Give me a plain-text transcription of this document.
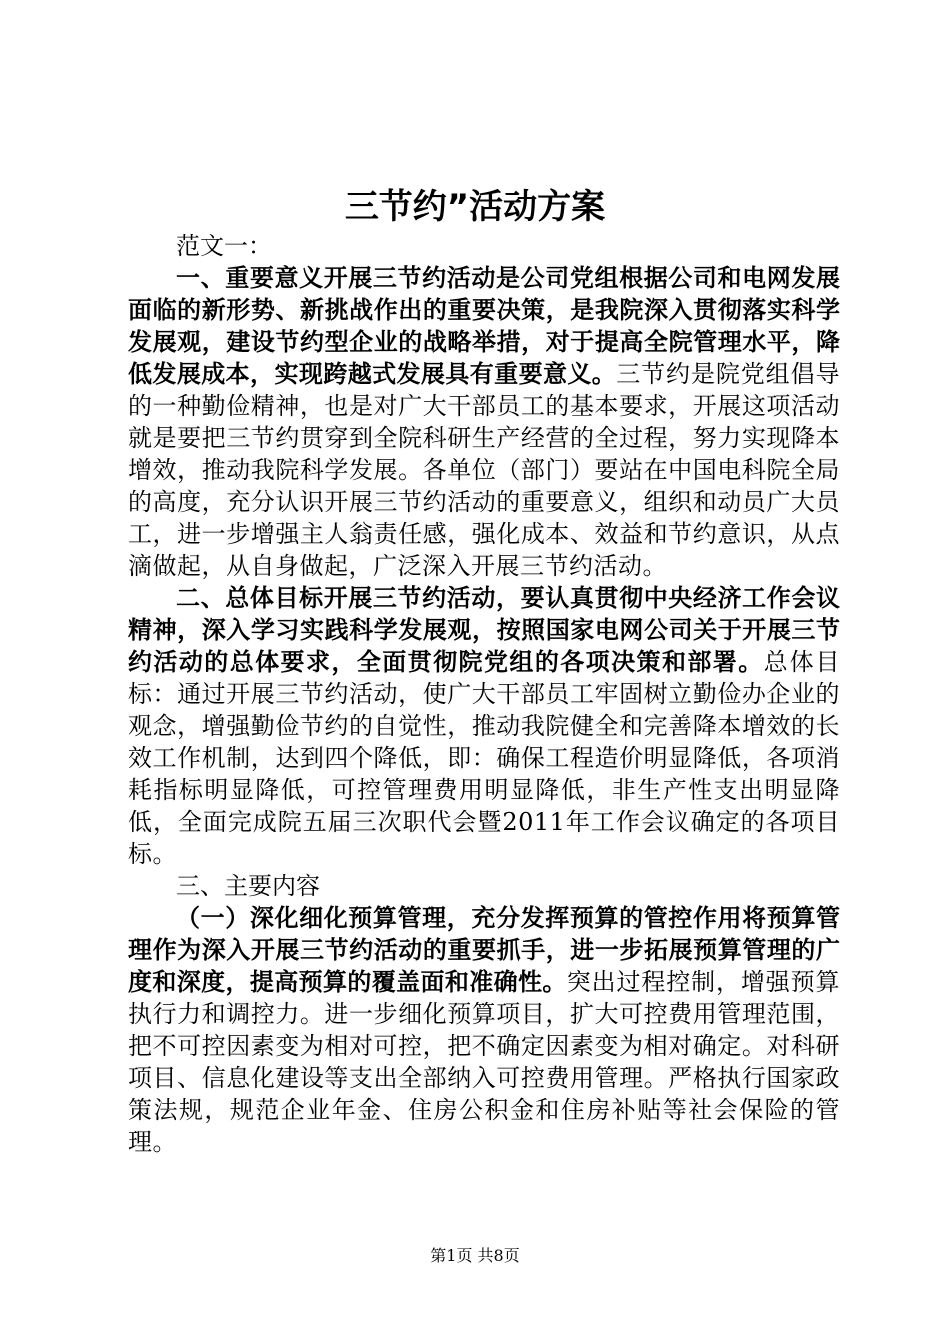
三节约”活动方案

范文一：

一、重要意义开展三节约活动是公司党组根据公司和电网发展面临的新形势、新挑战作出的重要决策，是我院深入贯彻落实科学发展观，建设节约型企业的战略举措，对于提高全院管理水平，降低发展成本，实现跨越式发展具有重要意义。三节约是院党组倡导的一种勤俭精神，也是对广大干部员工的基本要求，开展这项活动就是要把三节约贯穿到全院科研生产经营的全过程，努力实现降本增效，推动我院科学发展。各单位（部门）要站在中国电科院全局的高度，充分认识开展三节约活动的重要意义，组织和动员广大员工，进一步增强主人翁责任感，强化成本、效益和节约意识，从点滴做起，从自身做起，广泛深入开展三节约活动。

二、总体目标开展三节约活动，要认真贯彻中央经济工作会议精神，深入学习实践科学发展观，按照国家电网公司关于开展三节约活动的总体要求，全面贯彻院党组的各项决策和部署。总体目标：通过开展三节约活动，使广大干部员工牢固树立勤俭办企业的观念，增强勤俭节约的自觉性，推动我院健全和完善降本增效的长效工作机制，达到四个降低，即：确保工程造价明显降低，各项消耗指标明显降低，可控管理费用明显降低，非生产性支出明显降低，全面完成院五届三次职代会暨2011年工作会议确定的各项目标。

三、主要内容

（一）深化细化预算管理，充分发挥预算的管控作用将预算管理作为深入开展三节约活动的重要抓手，进一步拓展预算管理的广度和深度，提高预算的覆盖面和准确性。突出过程控制，增强预算执行力和调控力。进一步细化预算项目，扩大可控费用管理范围，把不可控因素变为相对可控，把不确定因素变为相对确定。对科研项目、信息化建设等支出全部纳入可控费用管理。严格执行国家政策法规，规范企业年金、住房公积金和住房补贴等社会保险的管理。

第1页 共8页
